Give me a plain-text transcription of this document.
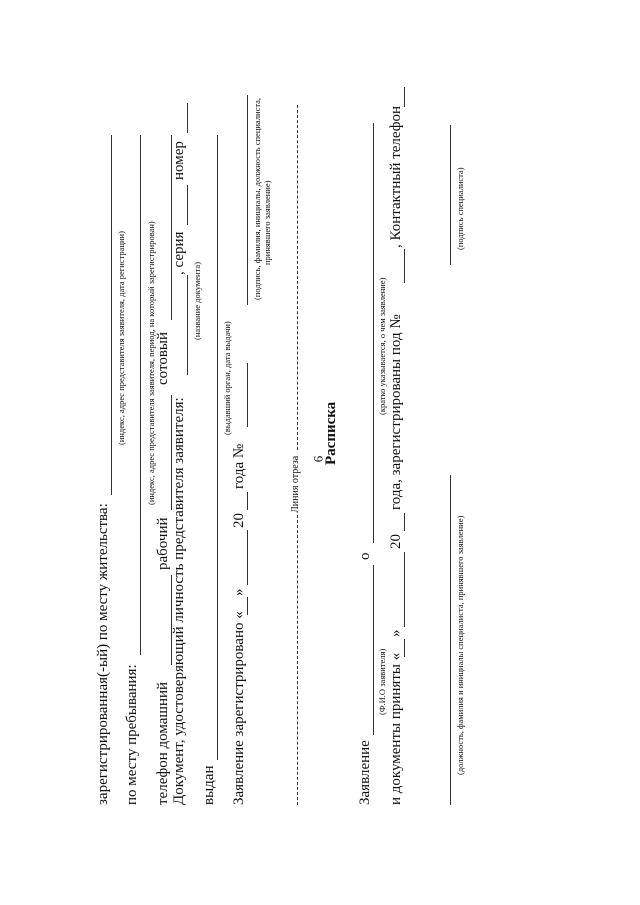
6
зарегистрированная(-ый) по месту жительства:
(индекс, адрес представителя заявителя, дата регистрации)
по месту пребывания:
(индекс, адрес представителя заявителя, период, на который зарегистрирован)
телефон домашний
рабочий
сотовый
Документ, удостоверяющий личность представителя заявителя:
, серия
номер
(название документа)
выдан
(выдавший орган, дата выдачи)
Заявление зарегистрировано «
»
20
года №
(подпись, фамилия, инициалы, должность специалиста, принявшего заявление)
Линия отреза
Расписка
Заявление
о
(Ф.И.О заявителя)
(кратко указывается, о чем заявление)
и документы приняты «
»
20
года, зарегистрированы под №
, Контактный телефон
(должность, фамилия и инициалы специалиста, принявшего заявление)
(подпись специалиста)
